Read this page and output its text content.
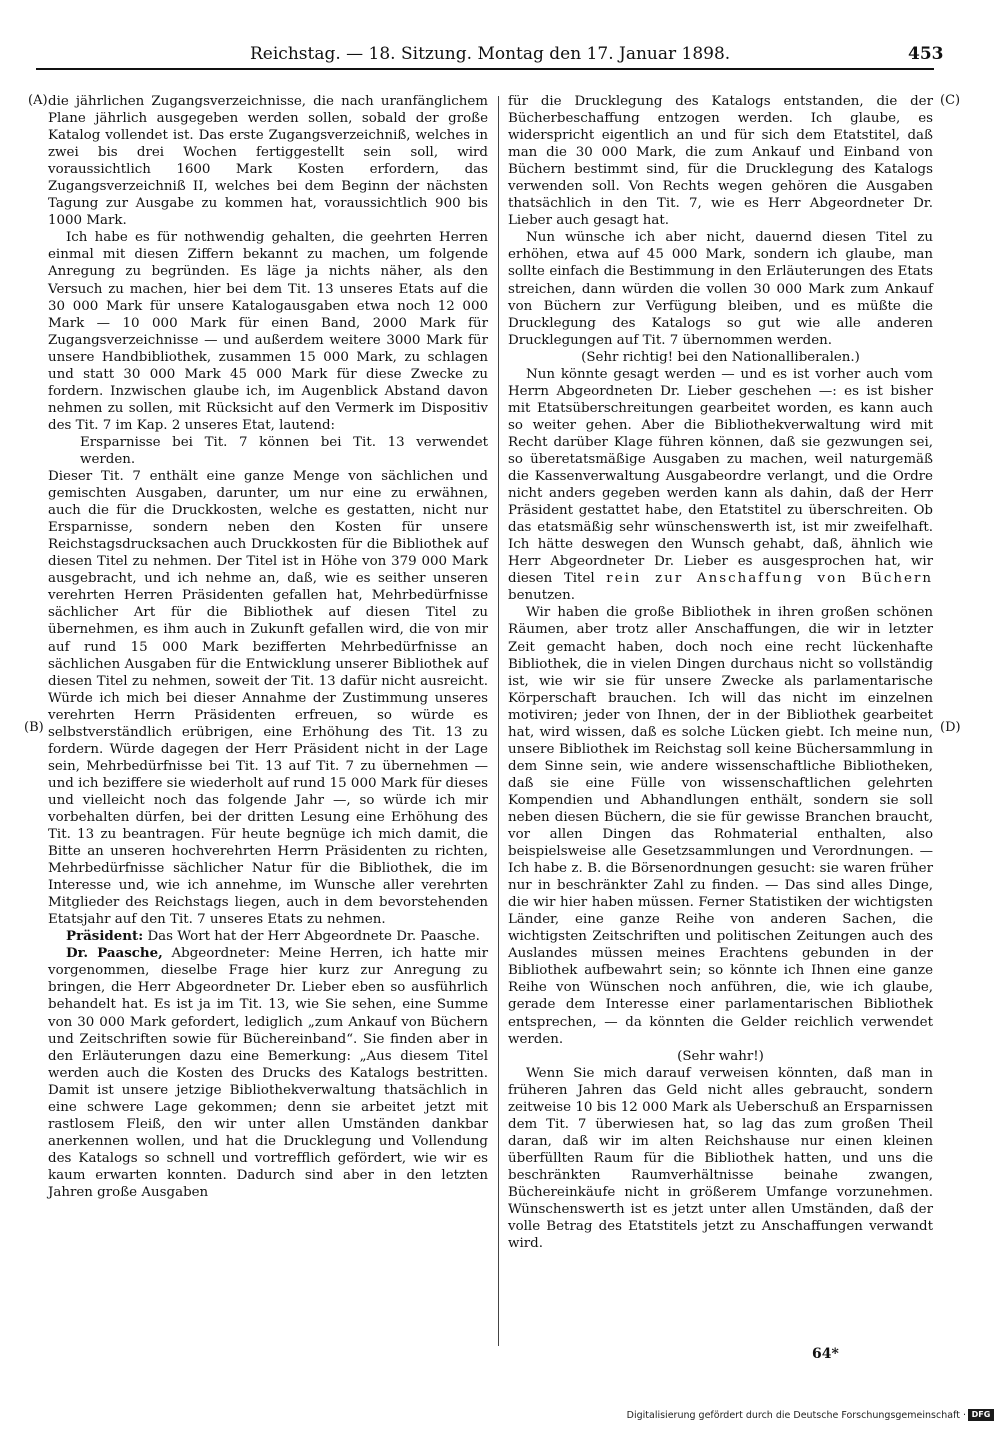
Reichstag. — 18. Sitzung. Montag den 17. Januar 1898.	453
(A)
(B)
(C)
(D)

die jährlichen Zugangsverzeichnisse, die nach uranfänglichem Plane jährlich ausgegeben werden sollen, sobald der große Katalog vollendet ist. Das erste Zugangsverzeichniß, welches in zwei bis drei Wochen fertiggestellt sein soll, wird voraussichtlich 1600 Mark Kosten erfordern, das Zugangsverzeichniß II, welches bei dem Beginn der nächsten Tagung zur Ausgabe zu kommen hat, voraussichtlich 900 bis 1000 Mark.

Ich habe es für nothwendig gehalten, die geehrten Herren einmal mit diesen Ziffern bekannt zu machen, um folgende Anregung zu begründen. Es läge ja nichts näher, als den Versuch zu machen, hier bei dem Tit. 13 unseres Etats auf die 30 000 Mark für unsere Katalogausgaben etwa noch 12 000 Mark — 10 000 Mark für einen Band, 2000 Mark für Zugangsverzeichnisse — und außerdem weitere 3000 Mark für unsere Handbibliothek, zusammen 15 000 Mark, zu schlagen und statt 30 000 Mark 45 000 Mark für diese Zwecke zu fordern. Inzwischen glaube ich, im Augenblick Abstand davon nehmen zu sollen, mit Rücksicht auf den Vermerk im Dispositiv des Tit. 7 im Kap. 2 unseres Etat, lautend:

Ersparnisse bei Tit. 7 können bei Tit. 13 verwendet werden.

Dieser Tit. 7 enthält eine ganze Menge von sächlichen und gemischten Ausgaben, darunter, um nur eine zu erwähnen, auch die für die Druckkosten, welche es gestatten, nicht nur Ersparnisse, sondern neben den Kosten für unsere Reichstagsdrucksachen auch Druckkosten für die Bibliothek auf diesen Titel zu nehmen. Der Titel ist in Höhe von 379 000 Mark ausgebracht, und ich nehme an, daß, wie es seither unseren verehrten Herren Präsidenten gefallen hat, Mehrbedürfnisse sächlicher Art für die Bibliothek auf diesen Titel zu übernehmen, es ihm auch in Zukunft gefallen wird, die von mir auf rund 15 000 Mark bezifferten Mehrbedürfnisse an sächlichen Ausgaben für die Entwicklung unserer Bibliothek auf diesen Titel zu nehmen, soweit der Tit. 13 dafür nicht ausreicht. Würde ich mich bei dieser Annahme der Zustimmung unseres verehrten Herrn Präsidenten erfreuen, so würde es selbstverständlich erübrigen, eine Erhöhung des Tit. 13 zu fordern. Würde dagegen der Herr Präsident nicht in der Lage sein, Mehrbedürfnisse bei Tit. 13 auf Tit. 7 zu übernehmen — und ich beziffere sie wiederholt auf rund 15 000 Mark für dieses und vielleicht noch das folgende Jahr —, so würde ich mir vorbehalten dürfen, bei der dritten Lesung eine Erhöhung des Tit. 13 zu beantragen. Für heute begnüge ich mich damit, die Bitte an unseren hochverehrten Herrn Präsidenten zu richten, Mehrbedürfnisse sächlicher Natur für die Bibliothek, die im Interesse und, wie ich annehme, im Wunsche aller verehrten Mitglieder des Reichstags liegen, auch in dem bevorstehenden Etatsjahr auf den Tit. 7 unseres Etats zu nehmen.

Präsident: Das Wort hat der Herr Abgeordnete Dr. Paasche.

Dr. Paasche, Abgeordneter: Meine Herren, ich hatte mir vorgenommen, dieselbe Frage hier kurz zur Anregung zu bringen, die Herr Abgeordneter Dr. Lieber eben so ausführlich behandelt hat. Es ist ja im Tit. 13, wie Sie sehen, eine Summe von 30 000 Mark gefordert, lediglich „zum Ankauf von Büchern und Zeitschriften sowie für Büchereinband“. Sie finden aber in den Erläuterungen dazu eine Bemerkung: „Aus diesem Titel werden auch die Kosten des Drucks des Katalogs bestritten. Damit ist unsere jetzige Bibliothekverwaltung thatsächlich in eine schwere Lage gekommen; denn sie arbeitet jetzt mit rastlosem Fleiß, den wir unter allen Umständen dankbar anerkennen wollen, und hat die Drucklegung und Vollendung des Katalogs so schnell und vortrefflich gefördert, wie wir es kaum erwarten konnten. Dadurch sind aber in den letzten Jahren große Ausgaben

für die Drucklegung des Katalogs entstanden, die der Bücherbeschaffung entzogen werden. Ich glaube, es widerspricht eigentlich an und für sich dem Etatstitel, daß man die 30 000 Mark, die zum Ankauf und Einband von Büchern bestimmt sind, für die Drucklegung des Katalogs verwenden soll. Von Rechts wegen gehören die Ausgaben thatsächlich in den Tit. 7, wie es Herr Abgeordneter Dr. Lieber auch gesagt hat.

Nun wünsche ich aber nicht, dauernd diesen Titel zu erhöhen, etwa auf 45 000 Mark, sondern ich glaube, man sollte einfach die Bestimmung in den Erläuterungen des Etats streichen, dann würden die vollen 30 000 Mark zum Ankauf von Büchern zur Verfügung bleiben, und es müßte die Drucklegung des Katalogs so gut wie alle anderen Drucklegungen auf Tit. 7 übernommen werden.

(Sehr richtig! bei den Nationalliberalen.)

Nun könnte gesagt werden — und es ist vorher auch vom Herrn Abgeordneten Dr. Lieber geschehen —: es ist bisher mit Etatsüberschreitungen gearbeitet worden, es kann auch so weiter gehen. Aber die Bibliothekverwaltung wird mit Recht darüber Klage führen können, daß sie gezwungen sei, so überetatsmäßige Ausgaben zu machen, weil naturgemäß die Kassenverwaltung Ausgabeordre verlangt, und die Ordre nicht anders gegeben werden kann als dahin, daß der Herr Präsident gestattet habe, den Etatstitel zu überschreiten. Ob das etatsmäßig sehr wünschenswerth ist, ist mir zweifelhaft. Ich hätte deswegen den Wunsch gehabt, daß, ähnlich wie Herr Abgeordneter Dr. Lieber es ausgesprochen hat, wir diesen Titel rein zur Anschaffung von Büchern benutzen.

Wir haben die große Bibliothek in ihren großen schönen Räumen, aber trotz aller Anschaffungen, die wir in letzter Zeit gemacht haben, doch noch eine recht lückenhafte Bibliothek, die in vielen Dingen durchaus nicht so vollständig ist, wie wir sie für unsere Zwecke als parlamentarische Körperschaft brauchen. Ich will das nicht im einzelnen motiviren; jeder von Ihnen, der in der Bibliothek gearbeitet hat, wird wissen, daß es solche Lücken giebt. Ich meine nun, unsere Bibliothek im Reichstag soll keine Büchersammlung in dem Sinne sein, wie andere wissenschaftliche Bibliotheken, daß sie eine Fülle von wissenschaftlichen gelehrten Kompendien und Abhandlungen enthält, sondern sie soll neben diesen Büchern, die sie für gewisse Branchen braucht, vor allen Dingen das Rohmaterial enthalten, also beispielsweise alle Gesetzsammlungen und Verordnungen. — Ich habe z. B. die Börsenordnungen gesucht: sie waren früher nur in beschränkter Zahl zu finden. — Das sind alles Dinge, die wir hier haben müssen. Ferner Statistiken der wichtigsten Länder, eine ganze Reihe von anderen Sachen, die wichtigsten Zeitschriften und politischen Zeitungen auch des Auslandes müssen meines Erachtens gebunden in der Bibliothek aufbewahrt sein; so könnte ich Ihnen eine ganze Reihe von Wünschen noch anführen, die, wie ich glaube, gerade dem Interesse einer parlamentarischen Bibliothek entsprechen, — da könnten die Gelder reichlich verwendet werden.

(Sehr wahr!)

Wenn Sie mich darauf verweisen könnten, daß man in früheren Jahren das Geld nicht alles gebraucht, sondern zeitweise 10 bis 12 000 Mark als Ueberschuß an Ersparnissen dem Tit. 7 überwiesen hat, so lag das zum großen Theil daran, daß wir im alten Reichshause nur einen kleinen überfüllten Raum für die Bibliothek hatten, und uns die beschränkten Raumverhältnisse beinahe zwangen, Büchereinkäufe nicht in größerem Umfange vorzunehmen. Wünschenswerth ist es jetzt unter allen Umständen, daß der volle Betrag des Etatstitels jetzt zu Anschaffungen verwandt wird.

64*
Digitalisierung gefördert durch die Deutsche Forschungsgemeinschaft · DFG
